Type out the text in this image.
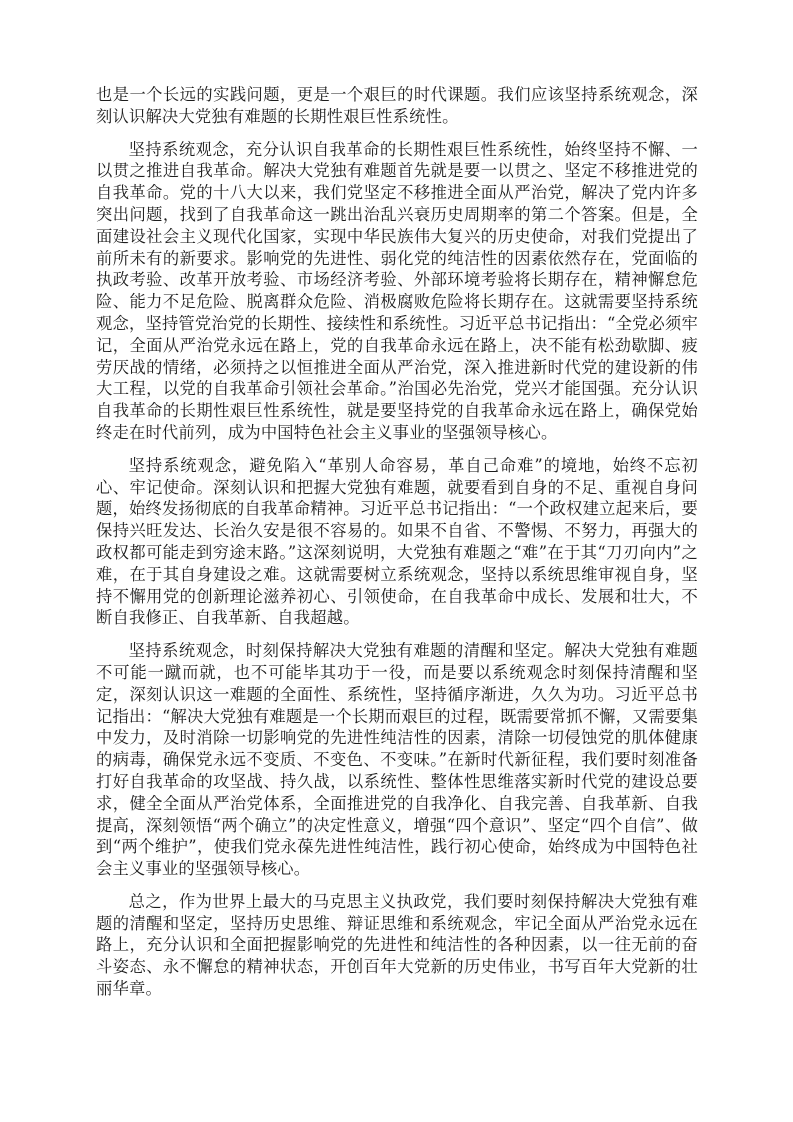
也是一个长远的实践问题，更是一个艰巨的时代课题。我们应该坚持系统观念，深刻认识解决大党独有难题的长期性艰巨性系统性。

坚持系统观念，充分认识自我革命的长期性艰巨性系统性，始终坚持不懈、一以贯之推进自我革命。解决大党独有难题首先就是要一以贯之、坚定不移推进党的自我革命。党的十八大以来，我们党坚定不移推进全面从严治党，解决了党内许多突出问题，找到了自我革命这一跳出治乱兴衰历史周期率的第二个答案。但是，全面建设社会主义现代化国家，实现中华民族伟大复兴的历史使命，对我们党提出了前所未有的新要求。影响党的先进性、弱化党的纯洁性的因素依然存在，党面临的执政考验、改革开放考验、市场经济考验、外部环境考验将长期存在，精神懈怠危险、能力不足危险、脱离群众危险、消极腐败危险将长期存在。这就需要坚持系统观念，坚持管党治党的长期性、接续性和系统性。习近平总书记指出：“全党必须牢记，全面从严治党永远在路上，党的自我革命永远在路上，决不能有松劲歇脚、疲劳厌战的情绪，必须持之以恒推进全面从严治党，深入推进新时代党的建设新的伟大工程，以党的自我革命引领社会革命。”治国必先治党，党兴才能国强。充分认识自我革命的长期性艰巨性系统性，就是要坚持党的自我革命永远在路上，确保党始终走在时代前列，成为中国特色社会主义事业的坚强领导核心。

坚持系统观念，避免陷入“革别人命容易，革自己命难”的境地，始终不忘初心、牢记使命。深刻认识和把握大党独有难题，就要看到自身的不足、重视自身问题，始终发扬彻底的自我革命精神。习近平总书记指出：“一个政权建立起来后，要保持兴旺发达、长治久安是很不容易的。如果不自省、不警惕、不努力，再强大的政权都可能走到穷途末路。”这深刻说明，大党独有难题之“难”在于其“刀刃向内”之难，在于其自身建设之难。这就需要树立系统观念，坚持以系统思维审视自身，坚持不懈用党的创新理论滋养初心、引领使命，在自我革命中成长、发展和壮大，不断自我修正、自我革新、自我超越。

坚持系统观念，时刻保持解决大党独有难题的清醒和坚定。解决大党独有难题不可能一蹴而就，也不可能毕其功于一役，而是要以系统观念时刻保持清醒和坚定，深刻认识这一难题的全面性、系统性，坚持循序渐进，久久为功。习近平总书记指出：“解决大党独有难题是一个长期而艰巨的过程，既需要常抓不懈，又需要集中发力，及时消除一切影响党的先进性纯洁性的因素，清除一切侵蚀党的肌体健康的病毒，确保党永远不变质、不变色、不变味。”在新时代新征程，我们要时刻准备打好自我革命的攻坚战、持久战，以系统性、整体性思维落实新时代党的建设总要求，健全全面从严治党体系，全面推进党的自我净化、自我完善、自我革新、自我提高，深刻领悟“两个确立”的决定性意义，增强“四个意识”、坚定“四个自信”、做到“两个维护”，使我们党永葆先进性纯洁性，践行初心使命，始终成为中国特色社会主义事业的坚强领导核心。

总之，作为世界上最大的马克思主义执政党，我们要时刻保持解决大党独有难题的清醒和坚定，坚持历史思维、辩证思维和系统观念，牢记全面从严治党永远在路上，充分认识和全面把握影响党的先进性和纯洁性的各种因素，以一往无前的奋斗姿态、永不懈怠的精神状态，开创百年大党新的历史伟业，书写百年大党新的壮丽华章。
